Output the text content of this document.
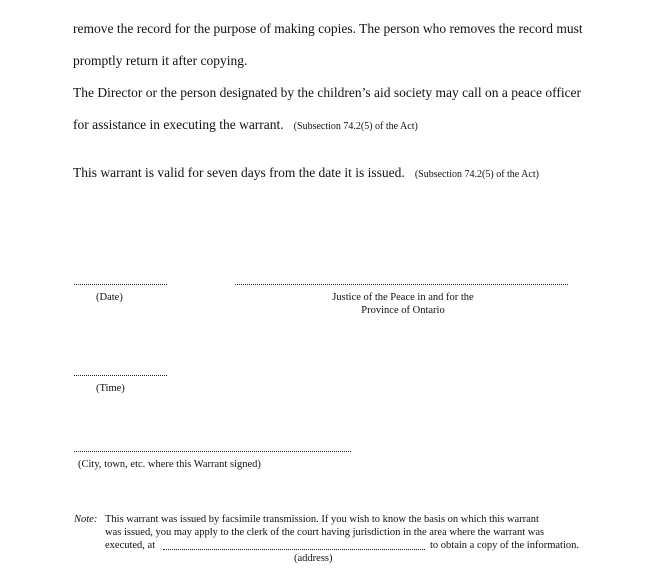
remove the record for the purpose of making copies. The person who removes the record must
promptly return it after copying.
The Director or the person designated by the children’s aid society may call on a peace officer
for assistance in executing the warrant. (Subsection 74.2(5) of the Act)
This warrant is valid for seven days from the date it is issued. (Subsection 74.2(5) of the Act)
(Date)	Justice of the Peace in and for the
Province of Ontario
(Time)
(City, town, etc. where this Warrant signed)
Note: This warrant was issued by facsimile transmission. If you wish to know the basis on which this warrant
was issued, you may apply to the clerk of the court having jurisdiction in the area where the warrant was
executed, at	to obtain a copy of the information.
(address)
